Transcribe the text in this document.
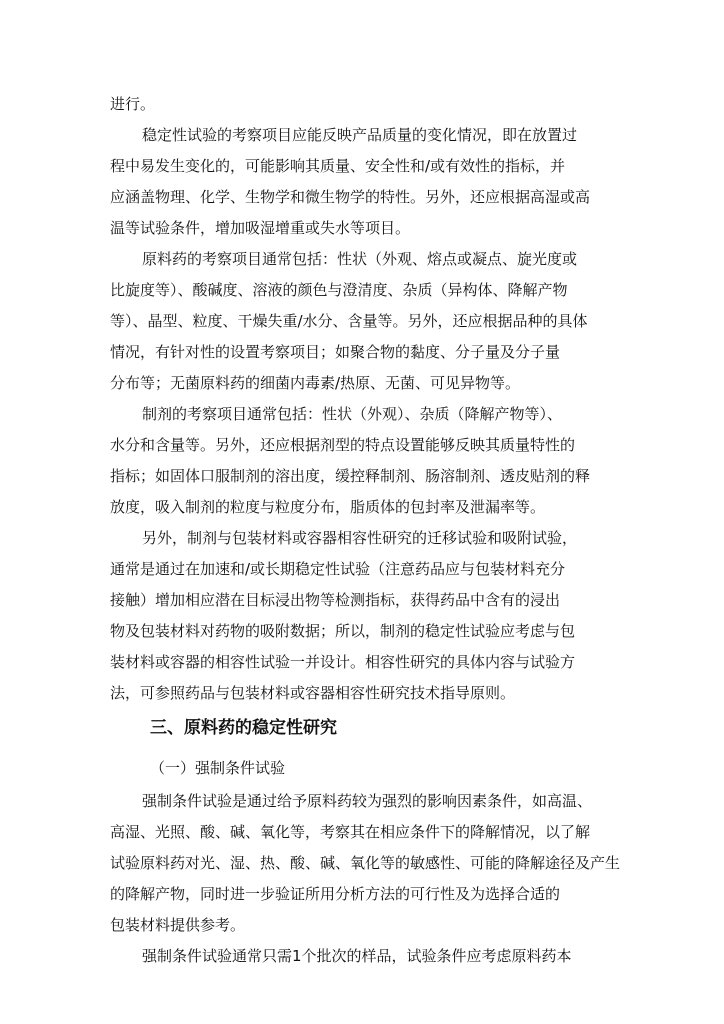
进行。
稳定性试验的考察项目应能反映产品质量的变化情况，即在放置过
程中易发生变化的，可能影响其质量、安全性和/或有效性的指标，并
应涵盖物理、化学、生物学和微生物学的特性。另外，还应根据高湿或高
温等试验条件，增加吸湿增重或失水等项目。
原料药的考察项目通常包括：性状（外观、熔点或凝点、旋光度或
比旋度等）、酸碱度、溶液的颜色与澄清度、杂质（异构体、降解产物
等）、晶型、粒度、干燥失重/水分、含量等。另外，还应根据品种的具体
情况，有针对性的设置考察项目；如聚合物的黏度、分子量及分子量
分布等；无菌原料药的细菌内毒素/热原、无菌、可见异物等。
制剂的考察项目通常包括：性状（外观）、杂质（降解产物等）、
水分和含量等。另外，还应根据剂型的特点设置能够反映其质量特性的
指标；如固体口服制剂的溶出度，缓控释制剂、肠溶制剂、透皮贴剂的释
放度，吸入制剂的粒度与粒度分布，脂质体的包封率及泄漏率等。
另外，制剂与包装材料或容器相容性研究的迁移试验和吸附试验，
通常是通过在加速和/或长期稳定性试验（注意药品应与包装材料充分
接触）增加相应潜在目标浸出物等检测指标，获得药品中含有的浸出
物及包装材料对药物的吸附数据；所以，制剂的稳定性试验应考虑与包
装材料或容器的相容性试验一并设计。相容性研究的具体内容与试验方
法，可参照药品与包装材料或容器相容性研究技术指导原则。
三、原料药的稳定性研究
（一）强制条件试验
强制条件试验是通过给予原料药较为强烈的影响因素条件，如高温、
高湿、光照、酸、碱、氧化等，考察其在相应条件下的降解情况，以了解
试验原料药对光、湿、热、酸、碱、氧化等的敏感性、可能的降解途径及产生
的降解产物，同时进一步验证所用分析方法的可行性及为选择合适的
包装材料提供参考。
强制条件试验通常只需1个批次的样品，试验条件应考虑原料药本
